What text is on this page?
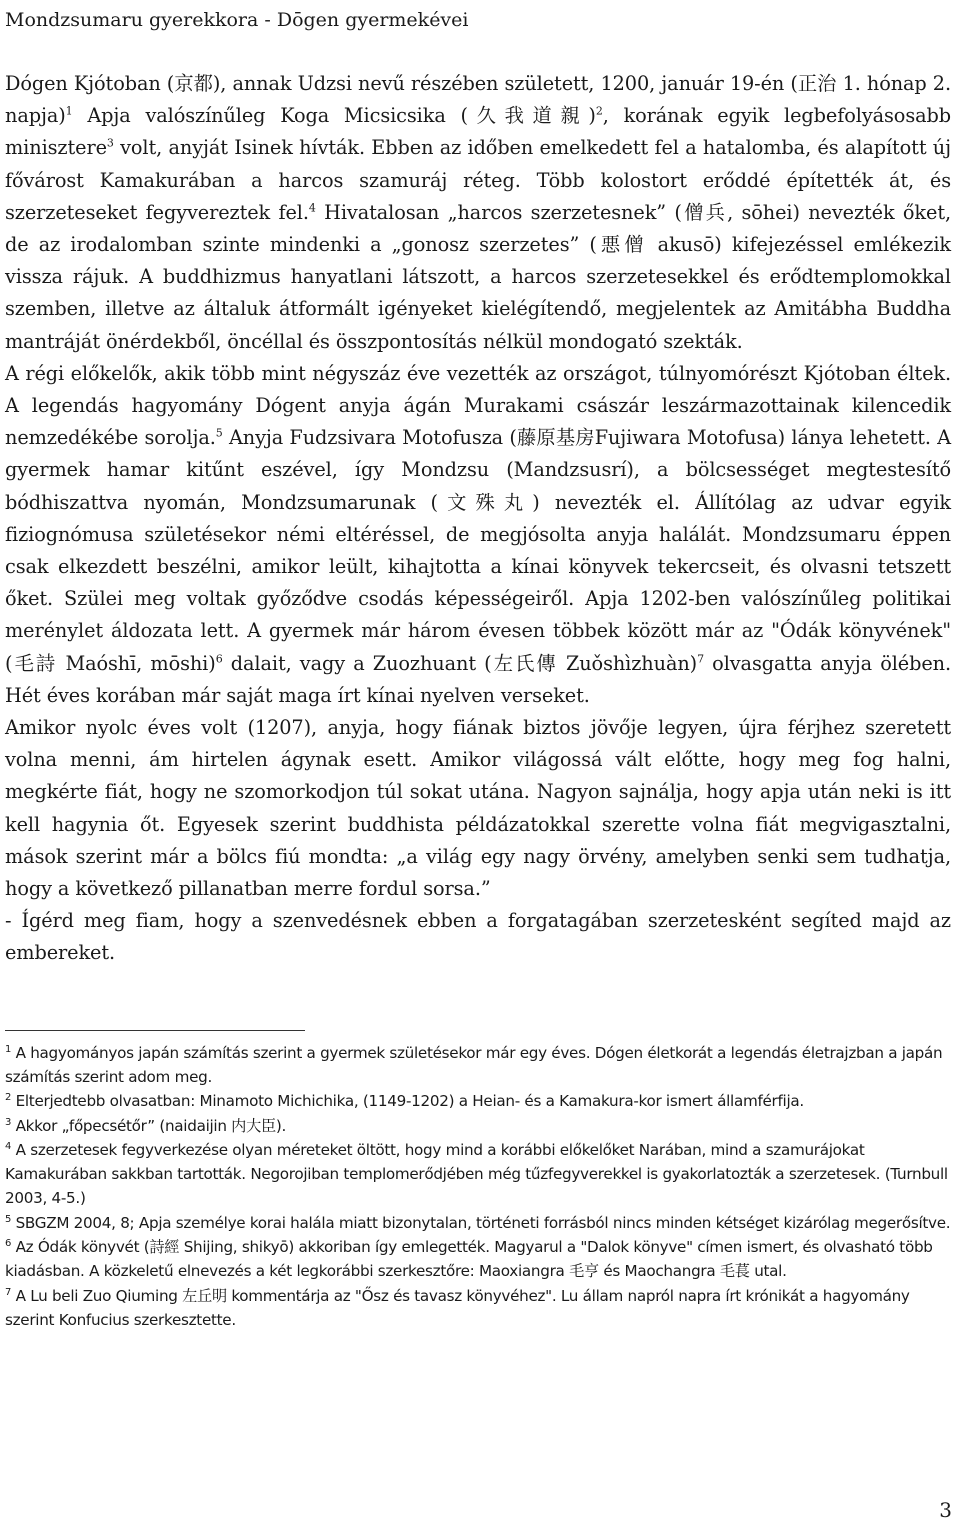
Mondzsumaru gyerekkora - Dōgen gyermekévei

Dógen Kjótoban (京都), annak Udzsi nevű részében született, 1200, január 19-én (正治 1. hónap 2. napja)$^1$ Apja valószínűleg Koga Micsicsika (久我道親)$^2$, korának egyik legbefolyásosabb minisztere$^3$ volt, anyját Isinek hívták. Ebben az időben emelkedett fel a hatalomba, és alapított új fővárost Kamakurában a harcos szamuráj réteg. Több kolostort erőddé építették át, és szerzeteseket fegyvereztek fel.$^4$ Hivatalosan „harcos szerzetesnek” (僧兵, sōhei) nevezték őket, de az irodalomban szinte mindenki a „gonosz szerzetes” (悪僧 akusō) kifejezéssel emlékezik vissza rájuk. A buddhizmus hanyatlani látszott, a harcos szerzetesekkel és erődtemplomokkal szemben, illetve az általuk átformált igényeket kielégítendő, megjelentek az Amitábha Buddha mantráját önérdekből, öncéllal és összpontosítás nélkül mondogató szekták.

A régi előkelők, akik több mint négyszáz éve vezették az országot, túlnyomórészt Kjótoban éltek. A legendás hagyomány Dógent anyja ágán Murakami császár leszármazottainak kilencedik nemzedékébe sorolja.$^5$ Anyja Fudzsivara Motofusza (藤原基房Fujiwara Motofusa) lánya lehetett. A gyermek hamar kitűnt eszével, így Mondzsu (Mandzsusrí), a bölcsességet megtestesítő bódhiszattva nyomán, Mondzsumarunak (文殊丸) nevezték el. Állítólag az udvar egyik fiziognómusa születésekor némi eltéréssel, de megjósolta anyja halálát. Mondzsumaru éppen csak elkezdett beszélni, amikor leült, kihajtotta a kínai könyvek tekercseit, és olvasni tetszett őket. Szülei meg voltak győződve csodás képességeiről. Apja 1202-ben valószínűleg politikai merénylet áldozata lett. A gyermek már három évesen többek között már az "Ódák könyvének" (毛詩 Maóshī, mōshi)$^6$ dalait, vagy a Zuozhuant (左氏傳 Zuǒshìzhuàn)$^7$ olvasgatta anyja ölében. Hét éves korában már saját maga írt kínai nyelven verseket.

Amikor nyolc éves volt (1207), anyja, hogy fiának biztos jövője legyen, újra férjhez szeretett volna menni, ám hirtelen ágynak esett. Amikor világossá vált előtte, hogy meg fog halni, megkérte fiát, hogy ne szomorkodjon túl sokat utána. Nagyon sajnálja, hogy apja után neki is itt kell hagynia őt. Egyesek szerint buddhista példázatokkal szerette volna fiát megvigasztalni, mások szerint már a bölcs fiú mondta: „a világ egy nagy örvény, amelyben senki sem tudhatja, hogy a következő pillanatban merre fordul sorsa.”

- Ígérd meg fiam, hogy a szenvedésnek ebben a forgatagában szerzetesként segíted majd az embereket.

$^1$ A hagyományos japán számítás szerint a gyermek születésekor már egy éves. Dógen életkorát a legendás életrajzban a japán számítás szerint adom meg.

$^2$ Elterjedtebb olvasatban: Minamoto Michichika, (1149-1202) a Heian- és a Kamakura-kor ismert államférfija.

$^3$ Akkor „főpecsétőr” (naidaijin 内大臣).

$^4$ A szerzetesek fegyverkezése olyan méreteket öltött, hogy mind a korábbi előkelőket Narában, mind a szamurájokat Kamakurában sakkban tartották. Negorojiban templomerődjében még tűzfegyverekkel is gyakorlatozták a szerzetesek. (Turnbull 2003, 4-5.)

$^5$ SBGZM 2004, 8; Apja személye korai halála miatt bizonytalan, történeti forrásból nincs minden kétséget kizárólag megerősítve.

$^6$ Az Ódák könyvét (詩經 Shijing, shikyō) akkoriban így emlegették. Magyarul a "Dalok könyve" címen ismert, és olvasható több kiadásban. A közkeletű elnevezés a két legkorábbi szerkesztőre: Maoxiangra 毛亨 és Maochangra 毛萇 utal.

$^7$ A Lu beli Zuo Qiuming 左丘明 kommentárja az "Ősz és tavasz könyvéhez". Lu állam napról napra írt krónikát a hagyomány szerint Konfucius szerkesztette.

3
